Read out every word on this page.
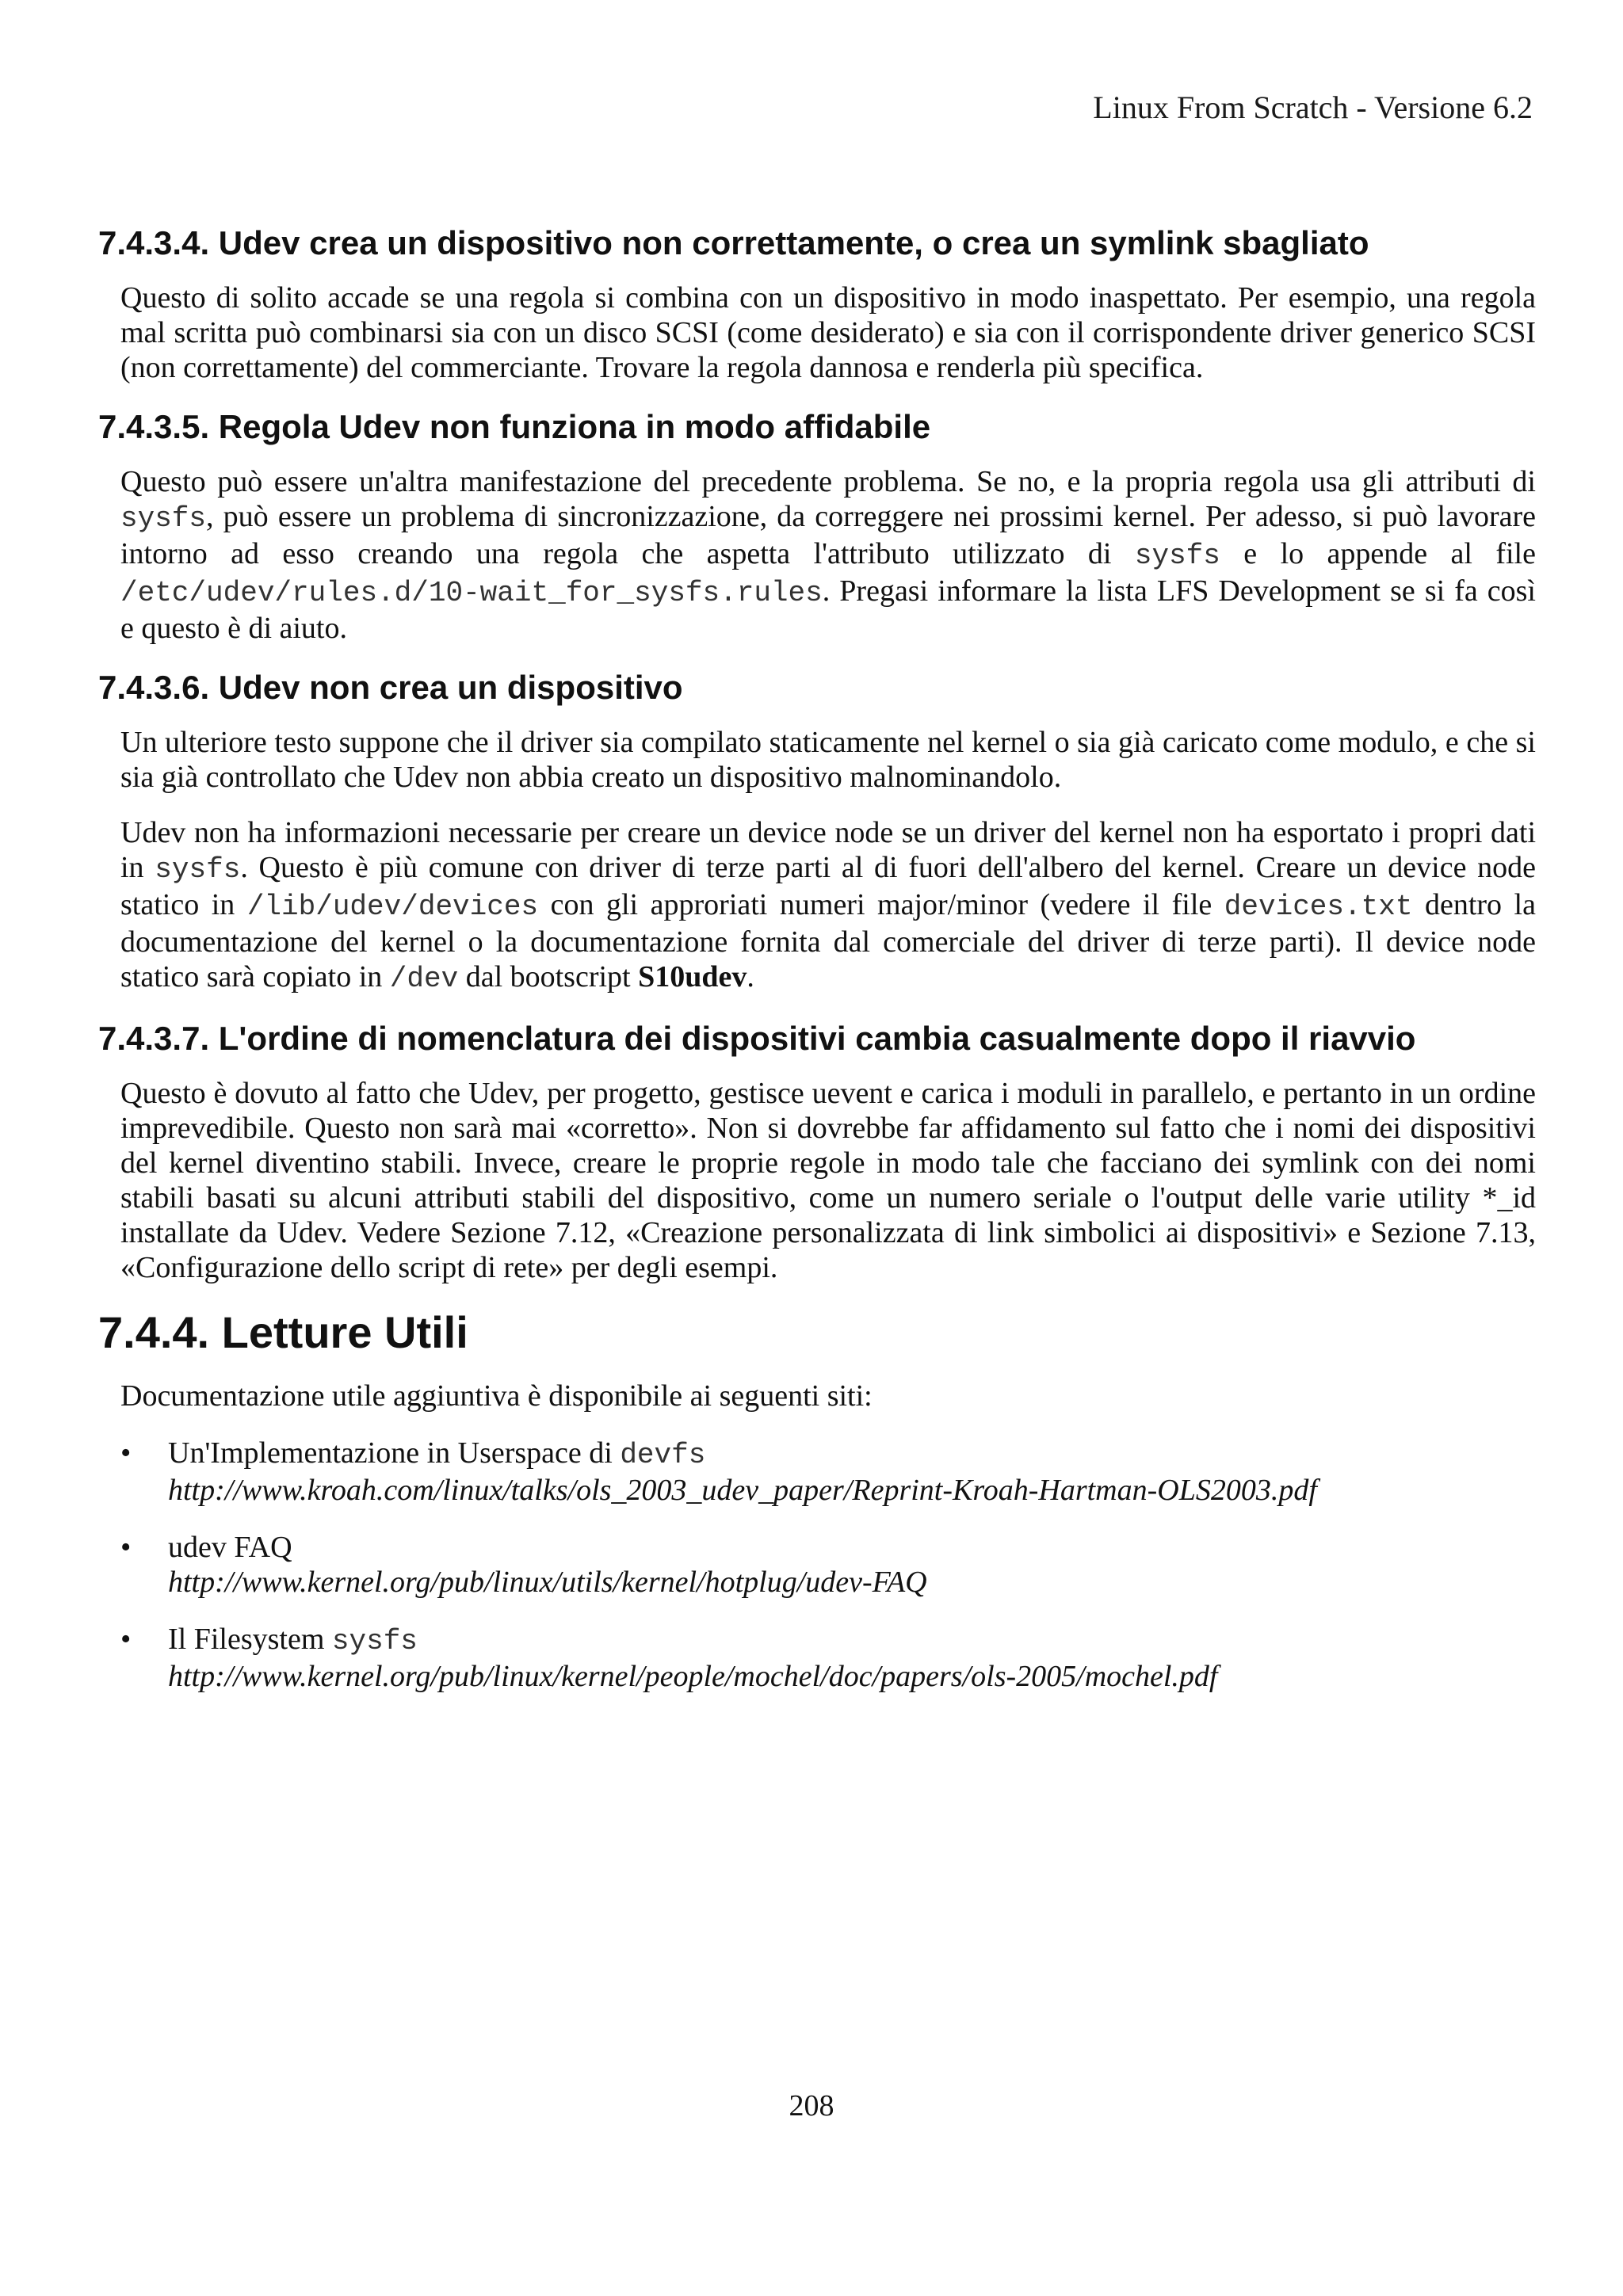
Linux From Scratch - Versione 6.2
7.4.3.4. Udev crea un dispositivo non correttamente, o crea un symlink sbagliato

Questo di solito accade se una regola si combina con un dispositivo in modo inaspettato. Per esempio, una regola mal scritta può combinarsi sia con un disco SCSI (come desiderato) e sia con il corrispondente driver generico SCSI (non correttamente) del commerciante. Trovare la regola dannosa e renderla più specifica.

7.4.3.5. Regola Udev non funziona in modo affidabile

Questo può essere un'altra manifestazione del precedente problema. Se no, e la propria regola usa gli attributi di sysfs, può essere un problema di sincronizzazione, da correggere nei prossimi kernel. Per adesso, si può lavorare intorno ad esso creando una regola che aspetta l'attributo utilizzato di sysfs e lo appende al file /etc/udev/rules.d/10-wait_for_sysfs.rules. Pregasi informare la lista LFS Development se si fa così e questo è di aiuto.

7.4.3.6. Udev non crea un dispositivo

Un ulteriore testo suppone che il driver sia compilato staticamente nel kernel o sia già caricato come modulo, e che si sia già controllato che Udev non abbia creato un dispositivo malnominandolo.

Udev non ha informazioni necessarie per creare un device node se un driver del kernel non ha esportato i propri dati in sysfs. Questo è più comune con driver di terze parti al di fuori dell'albero del kernel. Creare un device node statico in /lib/udev/devices con gli approriati numeri major/minor (vedere il file devices.txt dentro la documentazione del kernel o la documentazione fornita dal comerciale del driver di terze parti). Il device node statico sarà copiato in /dev dal bootscript S10udev.

7.4.3.7. L'ordine di nomenclatura dei dispositivi cambia casualmente dopo il riavvio

Questo è dovuto al fatto che Udev, per progetto, gestisce uevent e carica i moduli in parallelo, e pertanto in un ordine imprevedibile. Questo non sarà mai «corretto». Non si dovrebbe far affidamento sul fatto che i nomi dei dispositivi del kernel diventino stabili. Invece, creare le proprie regole in modo tale che facciano dei symlink con dei nomi stabili basati su alcuni attributi stabili del dispositivo, come un numero seriale o l'output delle varie utility *_id installate da Udev. Vedere Sezione 7.12, «Creazione personalizzata di link simbolici ai dispositivi» e Sezione 7.13, «Configurazione dello script di rete» per degli esempi.

7.4.4. Letture Utili

Documentazione utile aggiuntiva è disponibile ai seguenti siti:

• Un'Implementazione in Userspace di devfs
http://www.kroah.com/linux/talks/ols_2003_udev_paper/Reprint-Kroah-Hartman-OLS2003.pdf
• udev FAQ
http://www.kernel.org/pub/linux/utils/kernel/hotplug/udev-FAQ
• Il Filesystem sysfs
http://www.kernel.org/pub/linux/kernel/people/mochel/doc/papers/ols-2005/mochel.pdf
208
